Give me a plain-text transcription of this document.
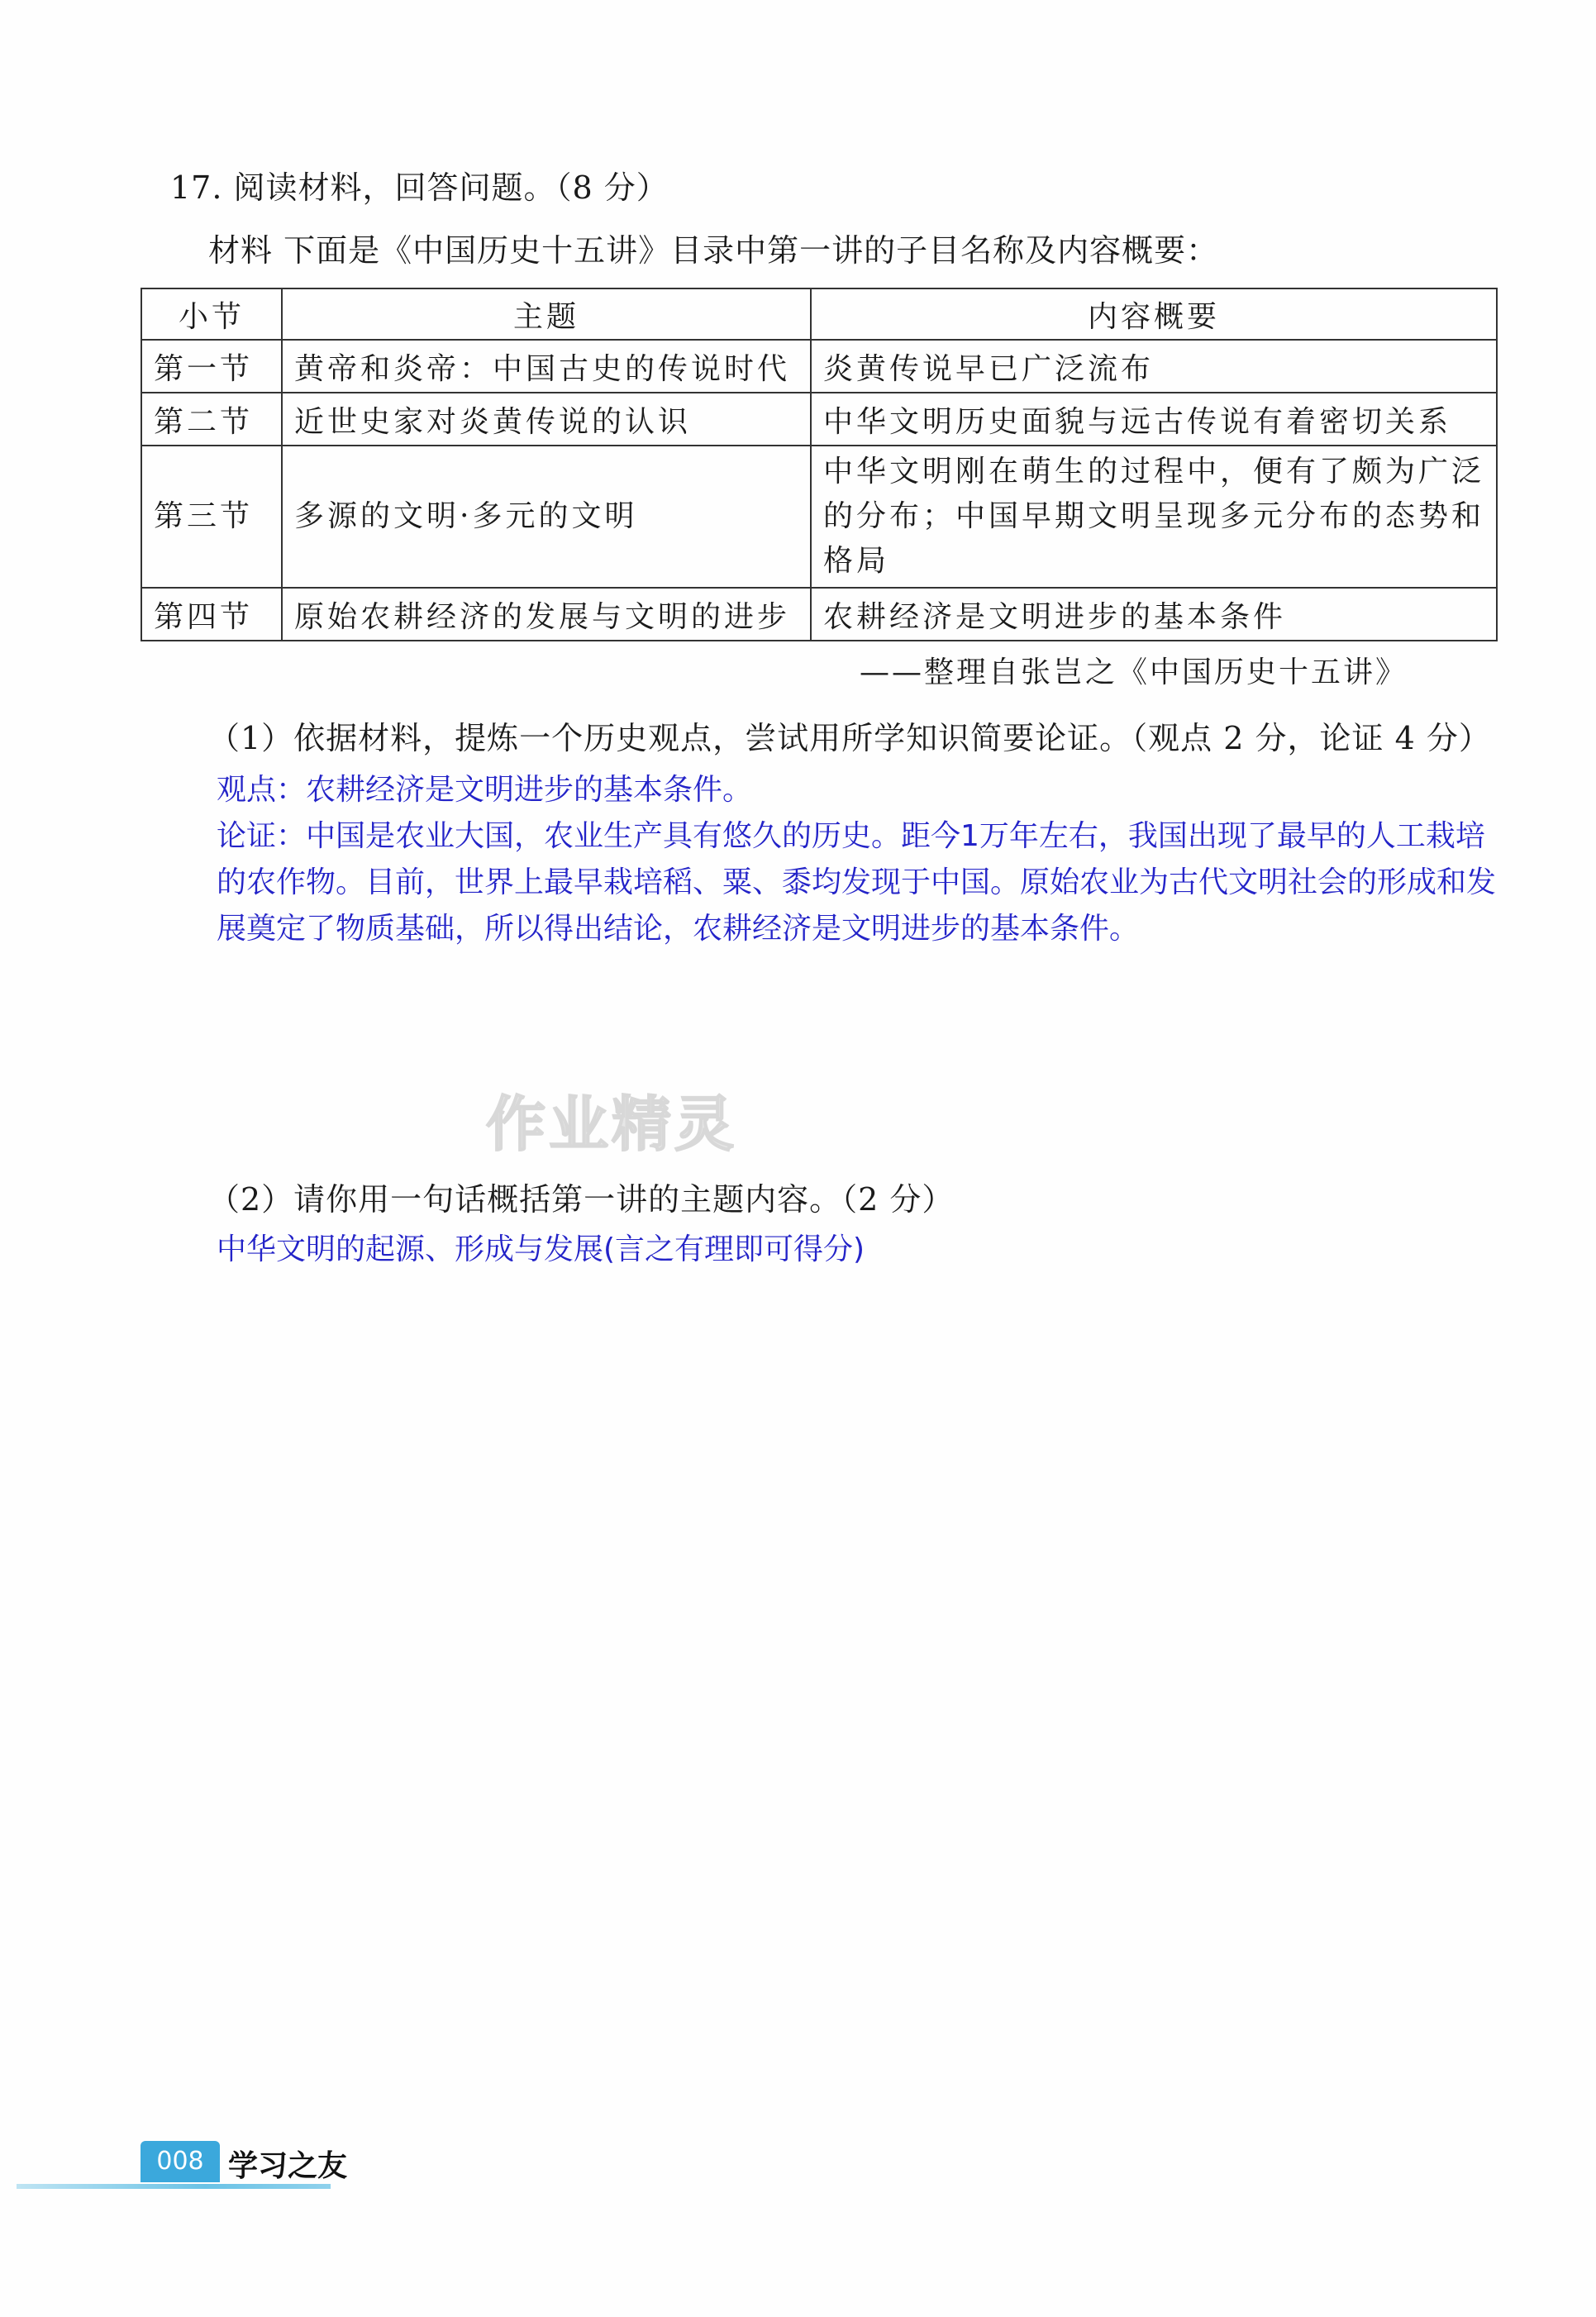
17. 阅读材料，回答问题。（8 分）
材料 下面是《中国历史十五讲》目录中第一讲的子目名称及内容概要：
小节	主题	内容概要
第一节	黄帝和炎帝：中国古史的传说时代	炎黄传说早已广泛流布
第二节	近世史家对炎黄传说的认识	中华文明历史面貌与远古传说有着密切关系
第三节	多源的文明·多元的文明	中华文明刚在萌生的过程中，便有了颇为广泛的分布；中国早期文明呈现多元分布的态势和格局
第四节	原始农耕经济的发展与文明的进步	农耕经济是文明进步的基本条件
——整理自张岂之《中国历史十五讲》
（1）依据材料，提炼一个历史观点，尝试用所学知识简要论证。（观点 2 分，论证 4 分）
观点：农耕经济是文明进步的基本条件。
论证：中国是农业大国，农业生产具有悠久的历史。距今1万年左右，我国出现了最早的人工栽培的农作物。目前，世界上最早栽培稻、粟、黍均发现于中国。原始农业为古代文明社会的形成和发展奠定了物质基础，所以得出结论，农耕经济是文明进步的基本条件。
作业精灵
（2）请你用一句话概括第一讲的主题内容。（2 分）
中华文明的起源、形成与发展(言之有理即可得分)
008 学习之友
